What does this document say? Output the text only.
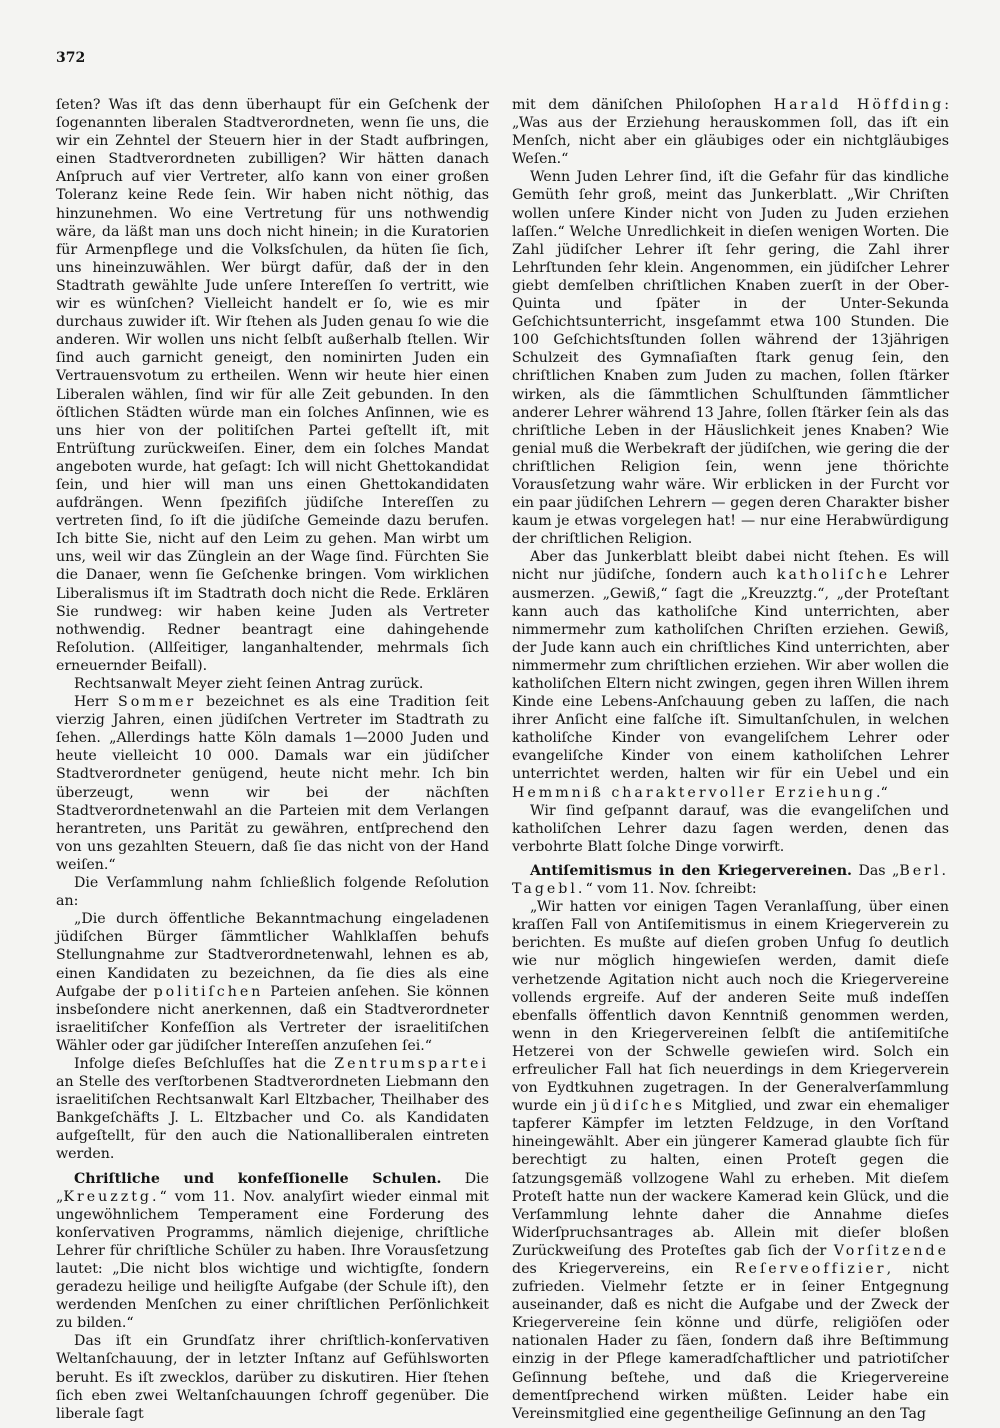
372

ſeten? Was iſt das denn überhaupt für ein Geſchenk der ſogenannten liberalen Stadtverordneten, wenn ſie uns, die wir ein Zehntel der Steuern hier in der Stadt aufbringen, einen Stadtverordneten zubilligen? Wir hätten danach Anſpruch auf vier Vertreter, alſo kann von einer großen Toleranz keine Rede ſein. Wir haben nicht nöthig, das hinzunehmen. Wo eine Vertretung für uns nothwendig wäre, da läßt man uns doch nicht hinein; in die Kuratorien für Armenpflege und die Volksſchulen, da hüten ſie ſich, uns hineinzuwählen. Wer bürgt dafür, daß der in den Stadtrath gewählte Jude unſere Intereſſen ſo vertritt, wie wir es wünſchen? Vielleicht handelt er ſo, wie es mir durchaus zuwider iſt. Wir ſtehen als Juden genau ſo wie die anderen. Wir wollen uns nicht ſelbſt außerhalb ſtellen. Wir ſind auch garnicht geneigt, den nominirten Juden ein Vertrauensvotum zu ertheilen. Wenn wir heute hier einen Liberalen wählen, ſind wir für alle Zeit gebunden. In den öſtlichen Städten würde man ein ſolches Anſinnen, wie es uns hier von der politiſchen Partei geſtellt iſt, mit Entrüſtung zurückweiſen. Einer, dem ein ſolches Mandat angeboten wurde, hat geſagt: Ich will nicht Ghettokandidat ſein, und hier will man uns einen Ghettokandidaten aufdrängen. Wenn ſpezifiſch jüdiſche Intereſſen zu vertreten ſind, ſo iſt die jüdiſche Gemeinde dazu berufen. Ich bitte Sie, nicht auf den Leim zu gehen. Man wirbt um uns, weil wir das Zünglein an der Wage ſind. Fürchten Sie die Danaer, wenn ſie Geſchenke bringen. Vom wirklichen Liberalismus iſt im Stadtrath doch nicht die Rede. Erklären Sie rundweg: wir haben keine Juden als Vertreter nothwendig. Redner beantragt eine dahingehende Reſolution. (Allſeitiger, langanhaltender, mehrmals ſich erneuernder Beifall).

Rechtsanwalt Meyer zieht ſeinen Antrag zurück.

Herr Sommer bezeichnet es als eine Tradition ſeit vierzig Jahren, einen jüdiſchen Vertreter im Stadtrath zu ſehen. „Allerdings hatte Köln damals 1—2000 Juden und heute vielleicht 10 000. Damals war ein jüdiſcher Stadtverordneter genügend, heute nicht mehr. Ich bin überzeugt, wenn wir bei der nächſten Stadtverordnetenwahl an die Parteien mit dem Verlangen herantreten, uns Parität zu gewähren, entſprechend den von uns gezahlten Steuern, daß ſie das nicht von der Hand weiſen.“

Die Verſammlung nahm ſchließlich folgende Reſolution an:

„Die durch öffentliche Bekanntmachung eingeladenen jüdiſchen Bürger ſämmtlicher Wahlklaſſen behufs Stellungnahme zur Stadtverordnetenwahl, lehnen es ab, einen Kandidaten zu bezeichnen, da ſie dies als eine Aufgabe der politiſchen Parteien anſehen. Sie können insbeſondere nicht anerkennen, daß ein Stadtverordneter israelitiſcher Konfeſſion als Vertreter der israelitiſchen Wähler oder gar jüdiſcher Intereſſen anzuſehen ſei.“

Infolge dieſes Beſchluſſes hat die Zentrumspartei an Stelle des verſtorbenen Stadtverordneten Liebmann den israelitiſchen Rechtsanwalt Karl Eltzbacher, Theilhaber des Bankgeſchäfts J. L. Eltzbacher und Co. als Kandidaten aufgeſtellt, für den auch die Nationalliberalen eintreten werden.

Chriſtliche und konfeſſionelle Schulen. Die „Kreuzztg.“ vom 11. Nov. analyſirt wieder einmal mit ungewöhnlichem Temperament eine Forderung des konſervativen Programms, nämlich diejenige, chriſtliche Lehrer für chriſtliche Schüler zu haben. Ihre Vorausſetzung lautet: „Die nicht blos wichtige und wichtigſte, ſondern geradezu heilige und heiligſte Aufgabe (der Schule iſt), den werdenden Menſchen zu einer chriſtlichen Perſönlichkeit zu bilden.“

Das iſt ein Grundſatz ihrer chriſtlich-konſervativen Weltanſchauung, der in letzter Inſtanz auf Gefühlsworten beruht. Es iſt zwecklos, darüber zu diskutiren. Hier ſtehen ſich eben zwei Weltanſchauungen ſchroff gegenüber. Die liberale ſagt

mit dem däniſchen Philoſophen Harald Höffding: „Was aus der Erziehung herauskommen ſoll, das iſt ein Menſch, nicht aber ein gläubiges oder ein nichtgläubiges Weſen.“

Wenn Juden Lehrer ſind, iſt die Gefahr für das kindliche Gemüth ſehr groß, meint das Junkerblatt. „Wir Chriſten wollen unſere Kinder nicht von Juden zu Juden erziehen laſſen.“ Welche Unredlichkeit in dieſen wenigen Worten. Die Zahl jüdiſcher Lehrer iſt ſehr gering, die Zahl ihrer Lehrſtunden ſehr klein. Angenommen, ein jüdiſcher Lehrer giebt demſelben chriſtlichen Knaben zuerſt in der Ober-Quinta und ſpäter in der Unter-Sekunda Geſchichtsunterricht, insgeſammt etwa 100 Stunden. Die 100 Geſchichtsſtunden ſollen während der 13jährigen Schulzeit des Gymnaſiaſten ſtark genug ſein, den chriſtlichen Knaben zum Juden zu machen, ſollen ſtärker wirken, als die ſämmtlichen Schulſtunden ſämmtlicher anderer Lehrer während 13 Jahre, ſollen ſtärker ſein als das chriſtliche Leben in der Häuslichkeit jenes Knaben? Wie genial muß die Werbekraft der jüdiſchen, wie gering die der chriſtlichen Religion ſein, wenn jene thörichte Vorausſetzung wahr wäre. Wir erblicken in der Furcht vor ein paar jüdiſchen Lehrern — gegen deren Charakter bisher kaum je etwas vorgelegen hat! — nur eine Herabwürdigung der chriſtlichen Religion.

Aber das Junkerblatt bleibt dabei nicht ſtehen. Es will nicht nur jüdiſche, ſondern auch katholiſche Lehrer ausmerzen. „Gewiß,“ ſagt die „Kreuzztg.“, „der Proteſtant kann auch das katholiſche Kind unterrichten, aber nimmermehr zum katholiſchen Chriſten erziehen. Gewiß, der Jude kann auch ein chriſtliches Kind unterrichten, aber nimmermehr zum chriſtlichen erziehen. Wir aber wollen die katholiſchen Eltern nicht zwingen, gegen ihren Willen ihrem Kinde eine Lebens-Anſchauung geben zu laſſen, die nach ihrer Anſicht eine falſche iſt. Simultanſchulen, in welchen katholiſche Kinder von evangeliſchem Lehrer oder evangeliſche Kinder von einem katholiſchen Lehrer unterrichtet werden, halten wir für ein Uebel und ein Hemmniß charaktervoller Erziehung.“

Wir ſind geſpannt darauf, was die evangeliſchen und katholiſchen Lehrer dazu ſagen werden, denen das verbohrte Blatt ſolche Dinge vorwirft.

Antiſemitismus in den Kriegervereinen. Das „Berl. Tagebl.“ vom 11. Nov. ſchreibt:

„Wir hatten vor einigen Tagen Veranlaſſung, über einen kraſſen Fall von Antiſemitismus in einem Kriegerverein zu berichten. Es mußte auf dieſen groben Unfug ſo deutlich wie nur möglich hingewieſen werden, damit dieſe verhetzende Agitation nicht auch noch die Kriegervereine vollends ergreife. Auf der anderen Seite muß indeſſen ebenfalls öffentlich davon Kenntniß genommen werden, wenn in den Kriegervereinen ſelbſt die antiſemitiſche Hetzerei von der Schwelle gewieſen wird. Solch ein erfreulicher Fall hat ſich neuerdings in dem Kriegerverein von Eydtkuhnen zugetragen. In der Generalverſammlung wurde ein jüdiſches Mitglied, und zwar ein ehemaliger tapferer Kämpfer im letzten Feldzuge, in den Vorſtand hineingewählt. Aber ein jüngerer Kamerad glaubte ſich für berechtigt zu halten, einen Proteſt gegen die ſatzungsgemäß vollzogene Wahl zu erheben. Mit dieſem Proteſt hatte nun der wackere Kamerad kein Glück, und die Verſammlung lehnte daher die Annahme dieſes Widerſpruchsantrages ab. Allein mit dieſer bloßen Zurückweiſung des Proteſtes gab ſich der Vorſitzende des Kriegervereins, ein Reſerveoffizier, nicht zufrieden. Vielmehr ſetzte er in ſeiner Entgegnung auseinander, daß es nicht die Aufgabe und der Zweck der Kriegervereine ſein könne und dürfe, religiöſen oder nationalen Hader zu ſäen, ſondern daß ihre Beſtimmung einzig in der Pflege kameradſchaftlicher und patriotiſcher Geſinnung beſtehe, und daß die Kriegervereine dementſprechend wirken müßten. Leider habe ein Vereinsmitglied eine gegentheilige Geſinnung an den Tag
